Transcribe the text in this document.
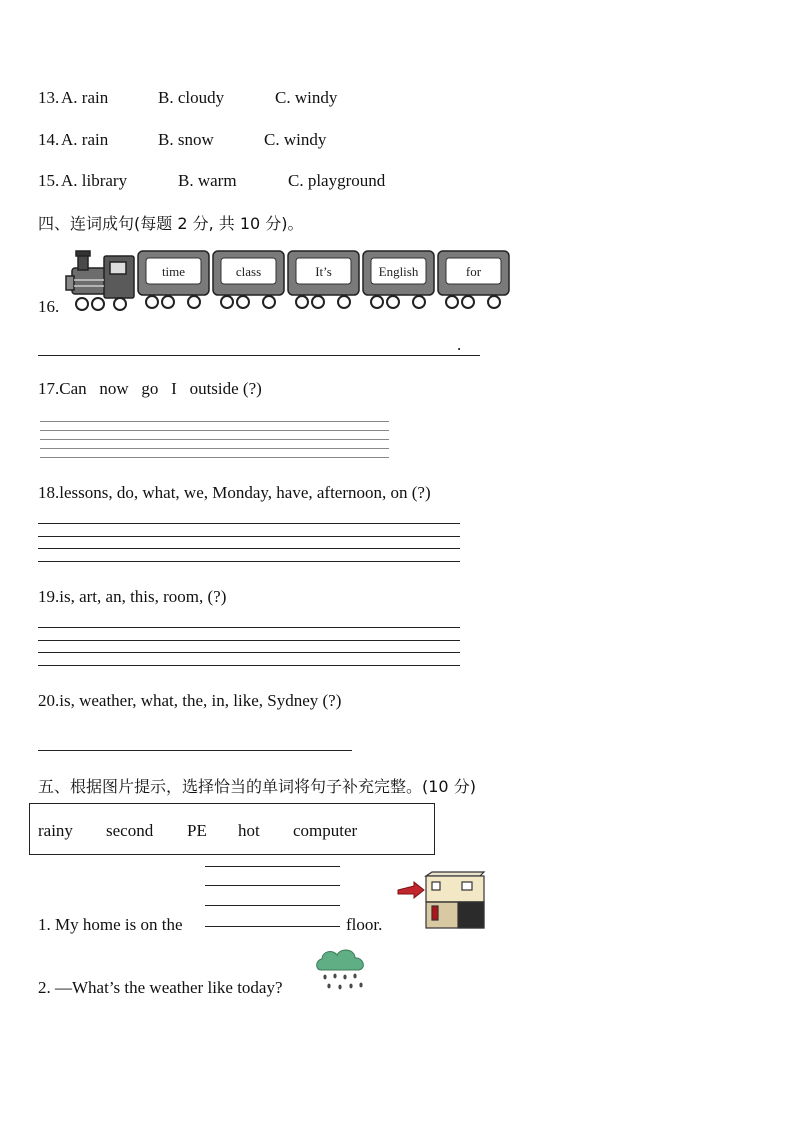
13. A. rain	B. cloudy	C. windy
14. A. rain	B. snow	C. windy
15. A. library	B. warm	C. playground
四、连词成句(每题 2 分, 共 10 分)。
16.
time	class	It’s	English	for
.
17.Can   now   go   I   outside (?)
18.lessons, do, what, we, Monday, have, afternoon, on (?)
19.is, art, an, this, room, (?)
20.is, weather, what, the, in, like, Sydney (?)
五、根据图片提示，选择恰当的单词将句子补充完整。(10 分)
rainy second PE hot computer
1. My home is on the	floor.
2. —What’s the weather like today?
